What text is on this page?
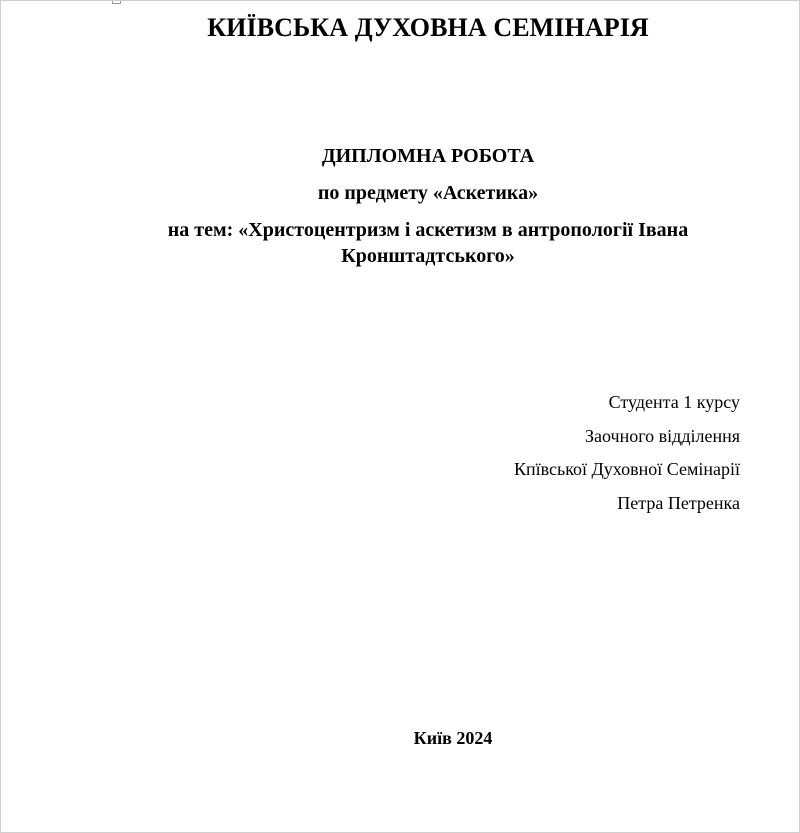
КИЇВСЬКА ДУХОВНА СЕМІНАРІЯ
ДИПЛОМНА РОБОТА
по предмету «Аскетика»
на тем: «Христоцентризм і аскетизм в антропології Івана Кронштадтського»
Студента 1 курсу
Заочного відділення
Кпївської Духовної Семінарії
Петра Петренка
Київ 2024
